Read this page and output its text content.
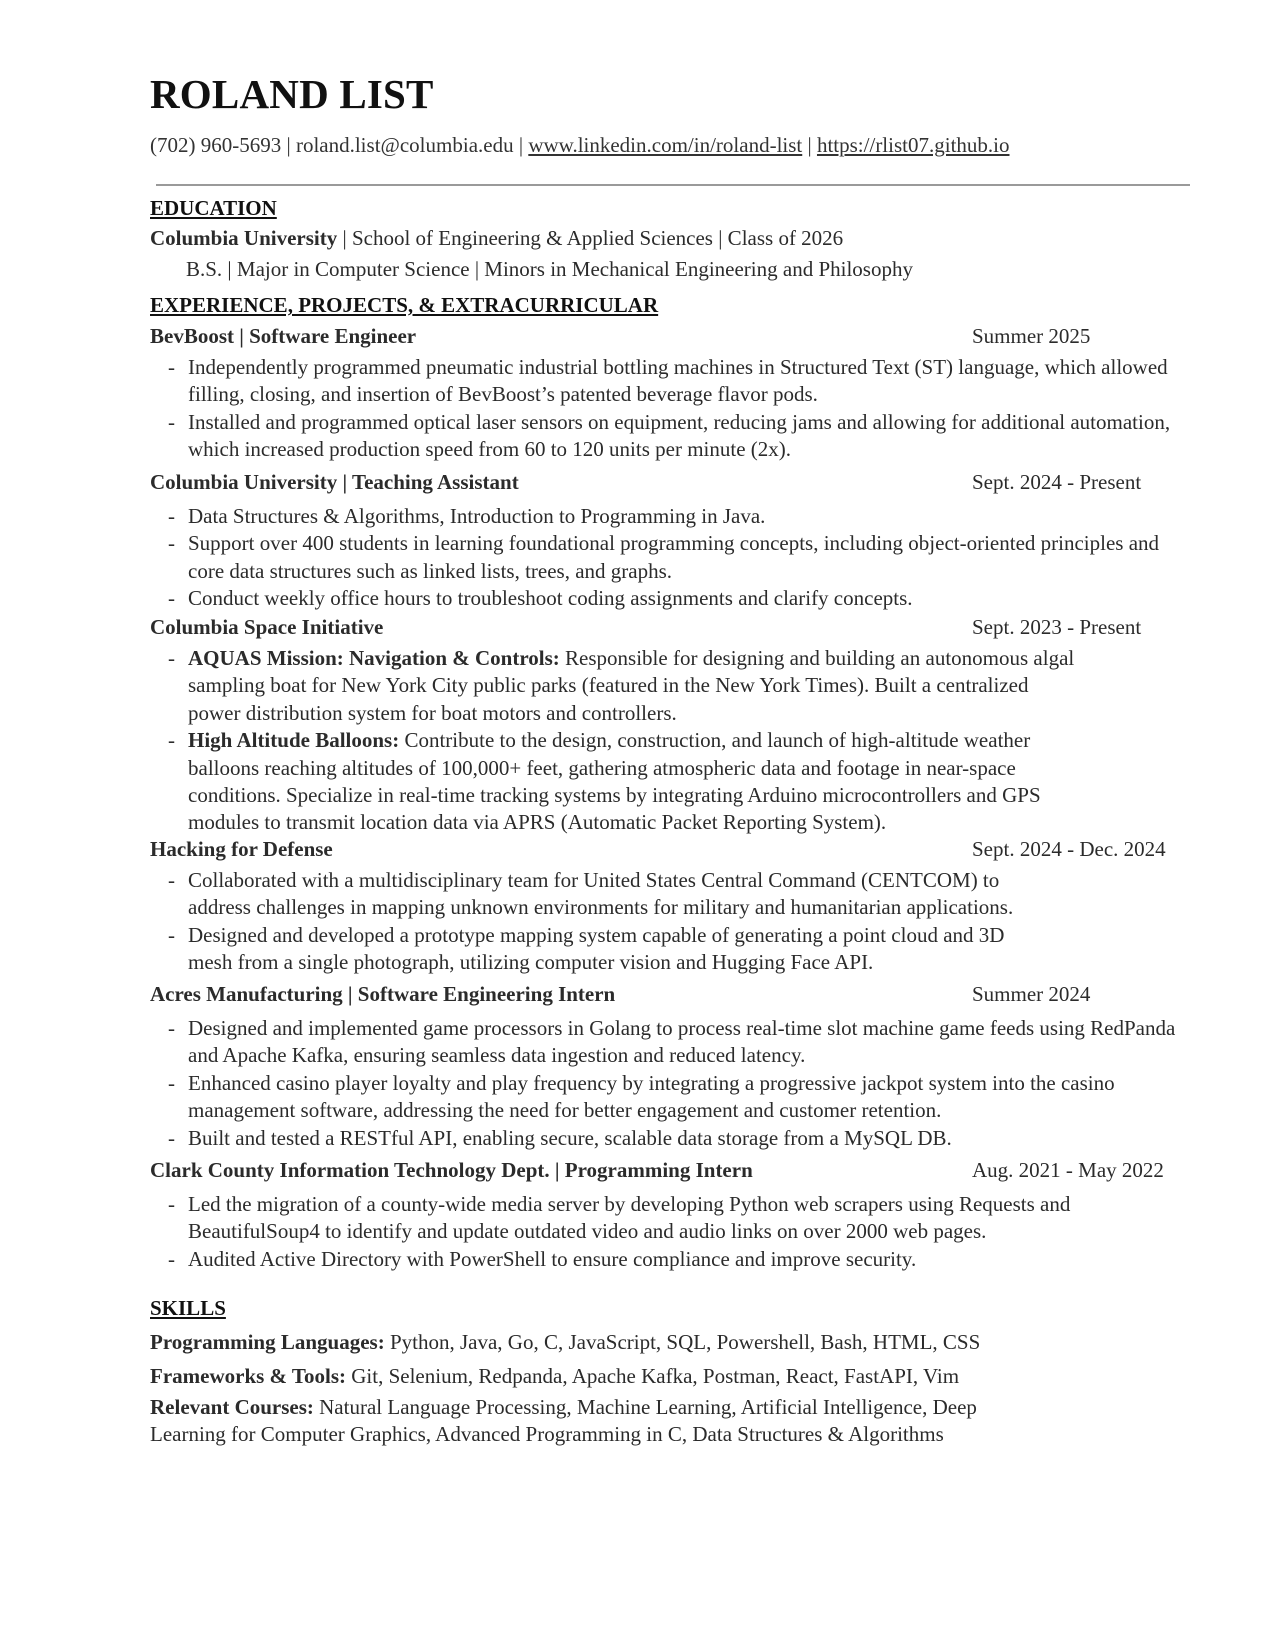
ROLAND LIST
(702) 960-5693 | roland.list@columbia.edu | www.linkedin.com/in/roland-list | https://rlist07.github.io
EDUCATION
Columbia University | School of Engineering & Applied Sciences | Class of 2026
B.S. | Major in Computer Science | Minors in Mechanical Engineering and Philosophy
EXPERIENCE, PROJECTS, & EXTRACURRICULAR
BevBoost | Software Engineer	Summer 2025
- Independently programmed pneumatic industrial bottling machines in Structured Text (ST) language, which allowed filling, closing, and insertion of BevBoost’s patented beverage flavor pods.
- Installed and programmed optical laser sensors on equipment, reducing jams and allowing for additional automation, which increased production speed from 60 to 120 units per minute (2x).
Columbia University | Teaching Assistant	Sept. 2024 - Present
- Data Structures & Algorithms, Introduction to Programming in Java.
- Support over 400 students in learning foundational programming concepts, including object-oriented principles and core data structures such as linked lists, trees, and graphs.
- Conduct weekly office hours to troubleshoot coding assignments and clarify concepts.
Columbia Space Initiative	Sept. 2023 - Present
- AQUAS Mission: Navigation & Controls: Responsible for designing and building an autonomous algal sampling boat for New York City public parks (featured in the New York Times). Built a centralized power distribution system for boat motors and controllers.
- High Altitude Balloons: Contribute to the design, construction, and launch of high-altitude weather balloons reaching altitudes of 100,000+ feet, gathering atmospheric data and footage in near-space conditions. Specialize in real-time tracking systems by integrating Arduino microcontrollers and GPS modules to transmit location data via APRS (Automatic Packet Reporting System).
Hacking for Defense	Sept. 2024 - Dec. 2024
- Collaborated with a multidisciplinary team for United States Central Command (CENTCOM) to address challenges in mapping unknown environments for military and humanitarian applications.
- Designed and developed a prototype mapping system capable of generating a point cloud and 3D mesh from a single photograph, utilizing computer vision and Hugging Face API.
Acres Manufacturing | Software Engineering Intern	Summer 2024
- Designed and implemented game processors in Golang to process real-time slot machine game feeds using RedPanda and Apache Kafka, ensuring seamless data ingestion and reduced latency.
- Enhanced casino player loyalty and play frequency by integrating a progressive jackpot system into the casino management software, addressing the need for better engagement and customer retention.
- Built and tested a RESTful API, enabling secure, scalable data storage from a MySQL DB.
Clark County Information Technology Dept. | Programming Intern	Aug. 2021 - May 2022
- Led the migration of a county-wide media server by developing Python web scrapers using Requests and BeautifulSoup4 to identify and update outdated video and audio links on over 2000 web pages.
- Audited Active Directory with PowerShell to ensure compliance and improve security.
SKILLS
Programming Languages: Python, Java, Go, C, JavaScript, SQL, Powershell, Bash, HTML, CSS
Frameworks & Tools: Git, Selenium, Redpanda, Apache Kafka, Postman, React, FastAPI, Vim
Relevant Courses: Natural Language Processing, Machine Learning, Artificial Intelligence, Deep Learning for Computer Graphics, Advanced Programming in C, Data Structures & Algorithms
